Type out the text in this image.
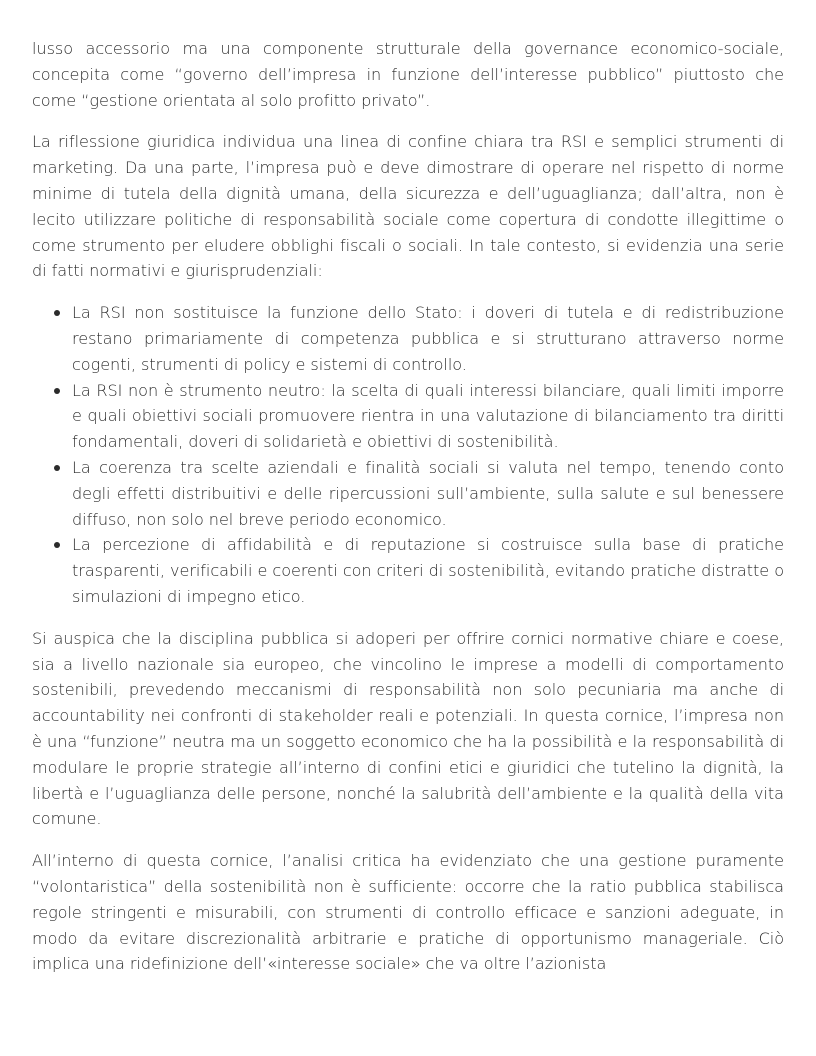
lusso accessorio ma una componente strutturale della governance economico-sociale, concepita come “governo dell’impresa in funzione dell’interesse pubblico” piuttosto che come “gestione orientata al solo profitto privato”.

La riflessione giuridica individua una linea di confine chiara tra RSI e semplici strumenti di marketing. Da una parte, l’impresa può e deve dimostrare di operare nel rispetto di norme minime di tutela della dignità umana, della sicurezza e dell’uguaglianza; dall’altra, non è lecito utilizzare politiche di responsabilità sociale come copertura di condotte illegittime o come strumento per eludere obblighi fiscali o sociali. In tale contesto, si evidenzia una serie di fatti normativi e giurisprudenziali:

La RSI non sostituisce la funzione dello Stato: i doveri di tutela e di redistribuzione restano primariamente di competenza pubblica e si strutturano attraverso norme cogenti, strumenti di policy e sistemi di controllo.
La RSI non è strumento neutro: la scelta di quali interessi bilanciare, quali limiti imporre e quali obiettivi sociali promuovere rientra in una valutazione di bilanciamento tra diritti fondamentali, doveri di solidarietà e obiettivi di sostenibilità.
La coerenza tra scelte aziendali e finalità sociali si valuta nel tempo, tenendo conto degli effetti distribuitivi e delle ripercussioni sull’ambiente, sulla salute e sul benessere diffuso, non solo nel breve periodo economico.
La percezione di affidabilità e di reputazione si costruisce sulla base di pratiche trasparenti, verificabili e coerenti con criteri di sostenibilità, evitando pratiche distratte o simulazioni di impegno etico.

Si auspica che la disciplina pubblica si adoperi per offrire cornici normative chiare e coese, sia a livello nazionale sia europeo, che vincolino le imprese a modelli di comportamento sostenibili, prevedendo meccanismi di responsabilità non solo pecuniaria ma anche di accountability nei confronti di stakeholder reali e potenziali. In questa cornice, l’impresa non è una “funzione” neutra ma un soggetto economico che ha la possibilità e la responsabilità di modulare le proprie strategie all’interno di confini etici e giuridici che tutelino la dignità, la libertà e l’uguaglianza delle persone, nonché la salubrità dell’ambiente e la qualità della vita comune.

All’interno di questa cornice, l’analisi critica ha evidenziato che una gestione puramente “volontaristica” della sostenibilità non è sufficiente: occorre che la ratio pubblica stabilisca regole stringenti e misurabili, con strumenti di controllo efficace e sanzioni adeguate, in modo da evitare discrezionalità arbitrarie e pratiche di opportunismo manageriale. Ciò implica una ridefinizione dell’«interesse sociale» che va oltre l’azionista
